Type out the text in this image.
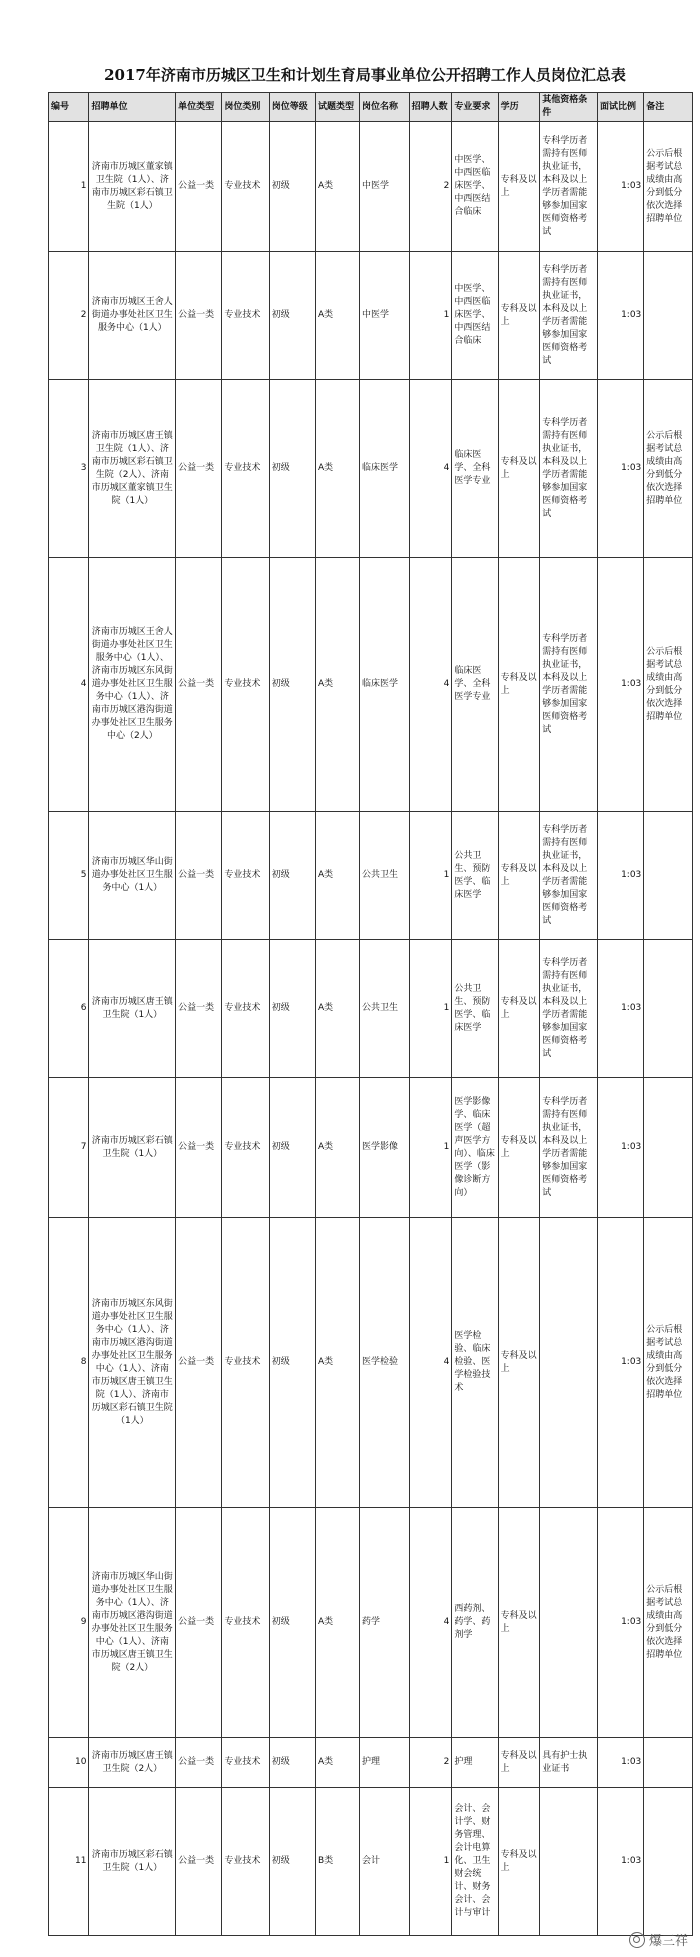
2017年济南市历城区卫生和计划生育局事业单位公开招聘工作人员岗位汇总表
编号	招聘单位	单位类型	岗位类别	岗位等级	试题类型	岗位名称	招聘人数	专业要求	学历	其他资格条件	面试比例	备注
1	济南市历城区董家镇卫生院（1人）、济南市历城区彩石镇卫生院（1人）	公益一类	专业技术	初级	A类	中医学	2	中医学、中西医临床医学、中西医结合临床	专科及以上	专科学历者需持有医师执业证书，本科及以上学历者需能够参加国家医师资格考试	1:03	公示后根据考试总成绩由高分到低分依次选择招聘单位
2	济南市历城区王舍人街道办事处社区卫生服务中心（1人）	公益一类	专业技术	初级	A类	中医学	1	中医学、中西医临床医学、中西医结合临床	专科及以上	专科学历者需持有医师执业证书，本科及以上学历者需能够参加国家医师资格考试	1:03	
3	济南市历城区唐王镇卫生院（1人）、济南市历城区彩石镇卫生院（2人）、济南市历城区董家镇卫生院（1人）	公益一类	专业技术	初级	A类	临床医学	4	临床医学、全科医学专业	专科及以上	专科学历者需持有医师执业证书，本科及以上学历者需能够参加国家医师资格考试	1:03	公示后根据考试总成绩由高分到低分依次选择招聘单位
4	济南市历城区王舍人街道办事处社区卫生服务中心（1人）、济南市历城区东风街道办事处社区卫生服务中心（1人）、济南市历城区港沟街道办事处社区卫生服务中心（2人）	公益一类	专业技术	初级	A类	临床医学	4	临床医学、全科医学专业	专科及以上	专科学历者需持有医师执业证书，本科及以上学历者需能够参加国家医师资格考试	1:03	公示后根据考试总成绩由高分到低分依次选择招聘单位
5	济南市历城区华山街道办事处社区卫生服务中心（1人）	公益一类	专业技术	初级	A类	公共卫生	1	公共卫生、预防医学、临床医学	专科及以上	专科学历者需持有医师执业证书，本科及以上学历者需能够参加国家医师资格考试	1:03	
6	济南市历城区唐王镇卫生院（1人）	公益一类	专业技术	初级	A类	公共卫生	1	公共卫生、预防医学、临床医学	专科及以上	专科学历者需持有医师执业证书，本科及以上学历者需能够参加国家医师资格考试	1:03	
7	济南市历城区彩石镇卫生院（1人）	公益一类	专业技术	初级	A类	医学影像	1	医学影像学、临床医学（超声医学方向）、临床医学（影像诊断方向）	专科及以上	专科学历者需持有医师执业证书，本科及以上学历者需能够参加国家医师资格考试	1:03	
8	济南市历城区东风街道办事处社区卫生服务中心（1人）、济南市历城区港沟街道办事处社区卫生服务中心（1人）、济南市历城区唐王镇卫生院（1人）、济南市历城区彩石镇卫生院（1人）	公益一类	专业技术	初级	A类	医学检验	4	医学检验、临床检验、医学检验技术	专科及以上		1:03	公示后根据考试总成绩由高分到低分依次选择招聘单位
9	济南市历城区华山街道办事处社区卫生服务中心（1人）、济南市历城区港沟街道办事处社区卫生服务中心（1人）、济南市历城区唐王镇卫生院（2人）	公益一类	专业技术	初级	A类	药学	4	西药剂、药学、药剂学	专科及以上		1:03	公示后根据考试总成绩由高分到低分依次选择招聘单位
10	济南市历城区唐王镇卫生院（2人）	公益一类	专业技术	初级	A类	护理	2	护理	专科及以上	具有护士执业证书	1:03	
11	济南市历城区彩石镇卫生院（1人）	公益一类	专业技术	初级	B类	会计	1	会计、会计学、财务管理、会计电算化、卫生财会统计、财务会计、会计与审计	专科及以上		1:03	
爆三祥
